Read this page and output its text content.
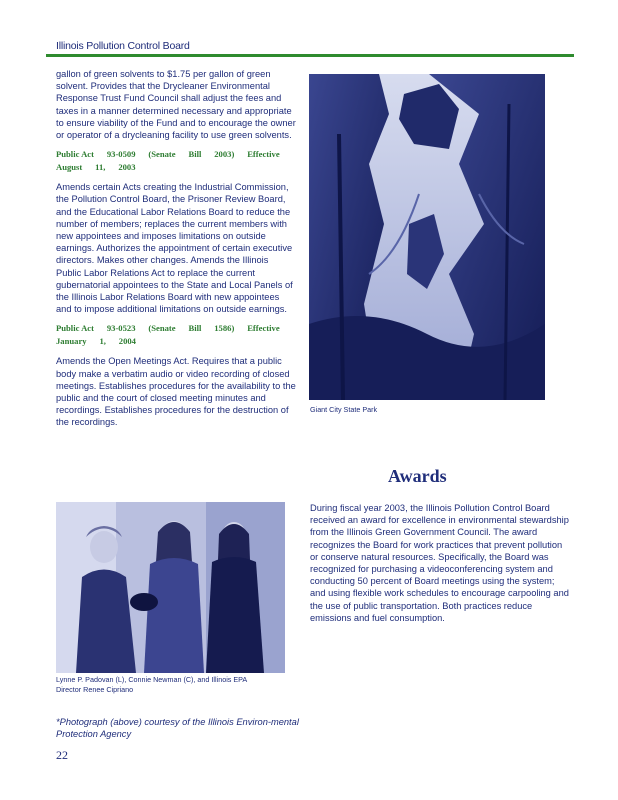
Illinois Pollution Control Board

gallon of green solvents to $1.75 per gallon of green solvent. Provides that the Drycleaner Environmental Response Trust Fund Council shall adjust the fees and taxes in a manner determined necessary and appropriate to ensure viability of the Fund and to encourage the owner or operator of a drycleaning facility to use green solvents.

Public Act      93-0509      (Senate      Bill      2003)      Effective
August      11,      2003

Amends certain Acts creating the Industrial Commission, the Pollution Control Board, the Prisoner Review Board, and the Educational Labor Relations Board to reduce the number of members; replaces the current members with new appointees and imposes limitations on outside earnings. Authorizes the appointment of certain executive directors. Makes other changes. Amends the Illinois Public Labor Relations Act to replace the current gubernatorial appointees to the State and Local Panels of the Illinois Labor Relations Board with new appointees and to impose additional limitations on outside earnings.

Public Act      93-0523      (Senate      Bill      1586)      Effective
January      1,      2004

Amends the Open Meetings Act. Requires that a public body make a verbatim audio or video recording of closed meetings. Establishes procedures for the availability to the public and the court of closed meeting minutes and recordings. Establishes procedures for the destruction of the recordings.

Giant City State Park
Awards

During fiscal year 2003, the Illinois Pollution Control Board received an award for excellence in environmental stewardship from the Illinois Green Government Council. The award recognizes the Board for work practices that prevent pollution or conserve natural resources. Specifically, the Board was recognized for purchasing a videoconferencing system and conducting 50 percent of Board meetings using the system; and using flexible work schedules to encourage carpooling and the use of public transportation. Both practices reduce emissions and fuel consumption.

Lynne P. Padovan (L), Connie Newman (C), and Illinois EPA
Director Renee Cipriano
*Photograph (above) courtesy of the Illinois Environ-mental Protection Agency
22
